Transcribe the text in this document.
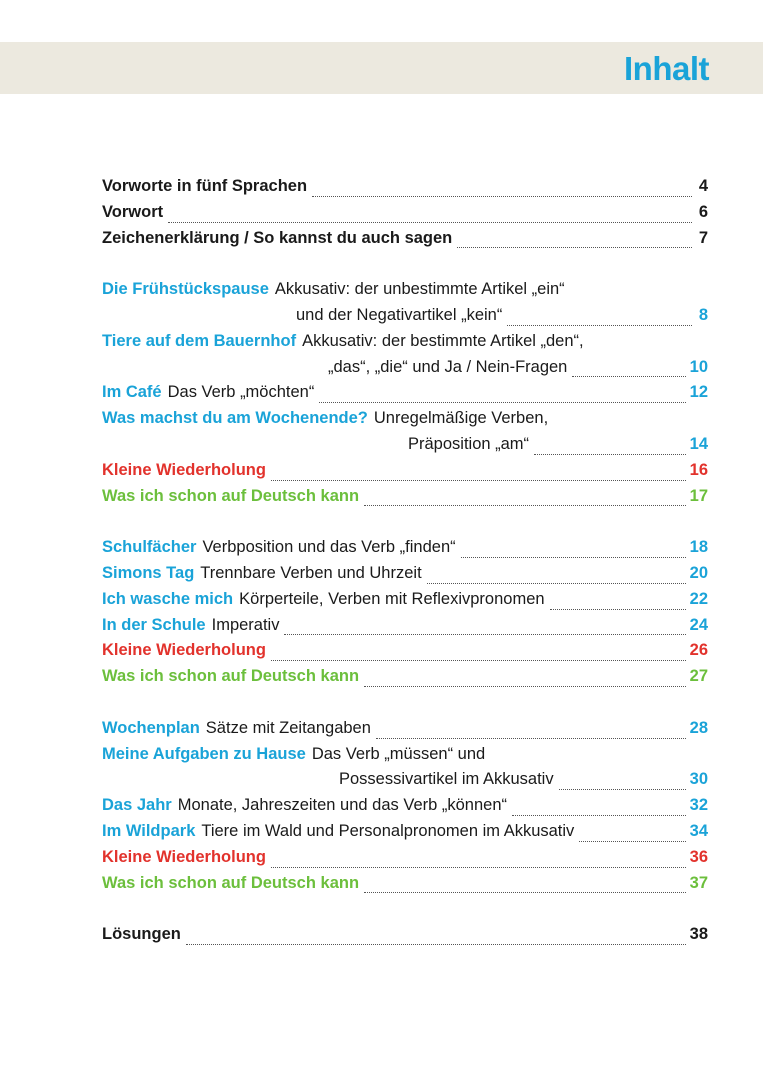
Inhalt
Vorworte in fünf Sprachen	4
Vorwort	6
Zeichenerklärung / So kannst du auch sagen	7
Die Frühstückspause Akkusativ: der unbestimmte Artikel „ein“
und der Negativartikel „kein“	8
Tiere auf dem Bauernhof Akkusativ: der bestimmte Artikel „den“,
„das“, „die“ und Ja / Nein-Fragen	10
Im Café Das Verb „möchten“	12
Was machst du am Wochenende? Unregelmäßige Verben,
Präposition „am“	14
Kleine Wiederholung	16
Was ich schon auf Deutsch kann	17
Schulfächer Verbposition und das Verb „finden“	18
Simons Tag Trennbare Verben und Uhrzeit	20
Ich wasche mich Körperteile, Verben mit Reflexivpronomen	22
In der Schule Imperativ	24
Kleine Wiederholung	26
Was ich schon auf Deutsch kann	27
Wochenplan Sätze mit Zeitangaben	28
Meine Aufgaben zu Hause Das Verb „müssen“ und
Possessivartikel im Akkusativ	30
Das Jahr Monate, Jahreszeiten und das Verb „können“	32
Im Wildpark Tiere im Wald und Personalpronomen im Akkusativ	34
Kleine Wiederholung	36
Was ich schon auf Deutsch kann	37
Lösungen	38
